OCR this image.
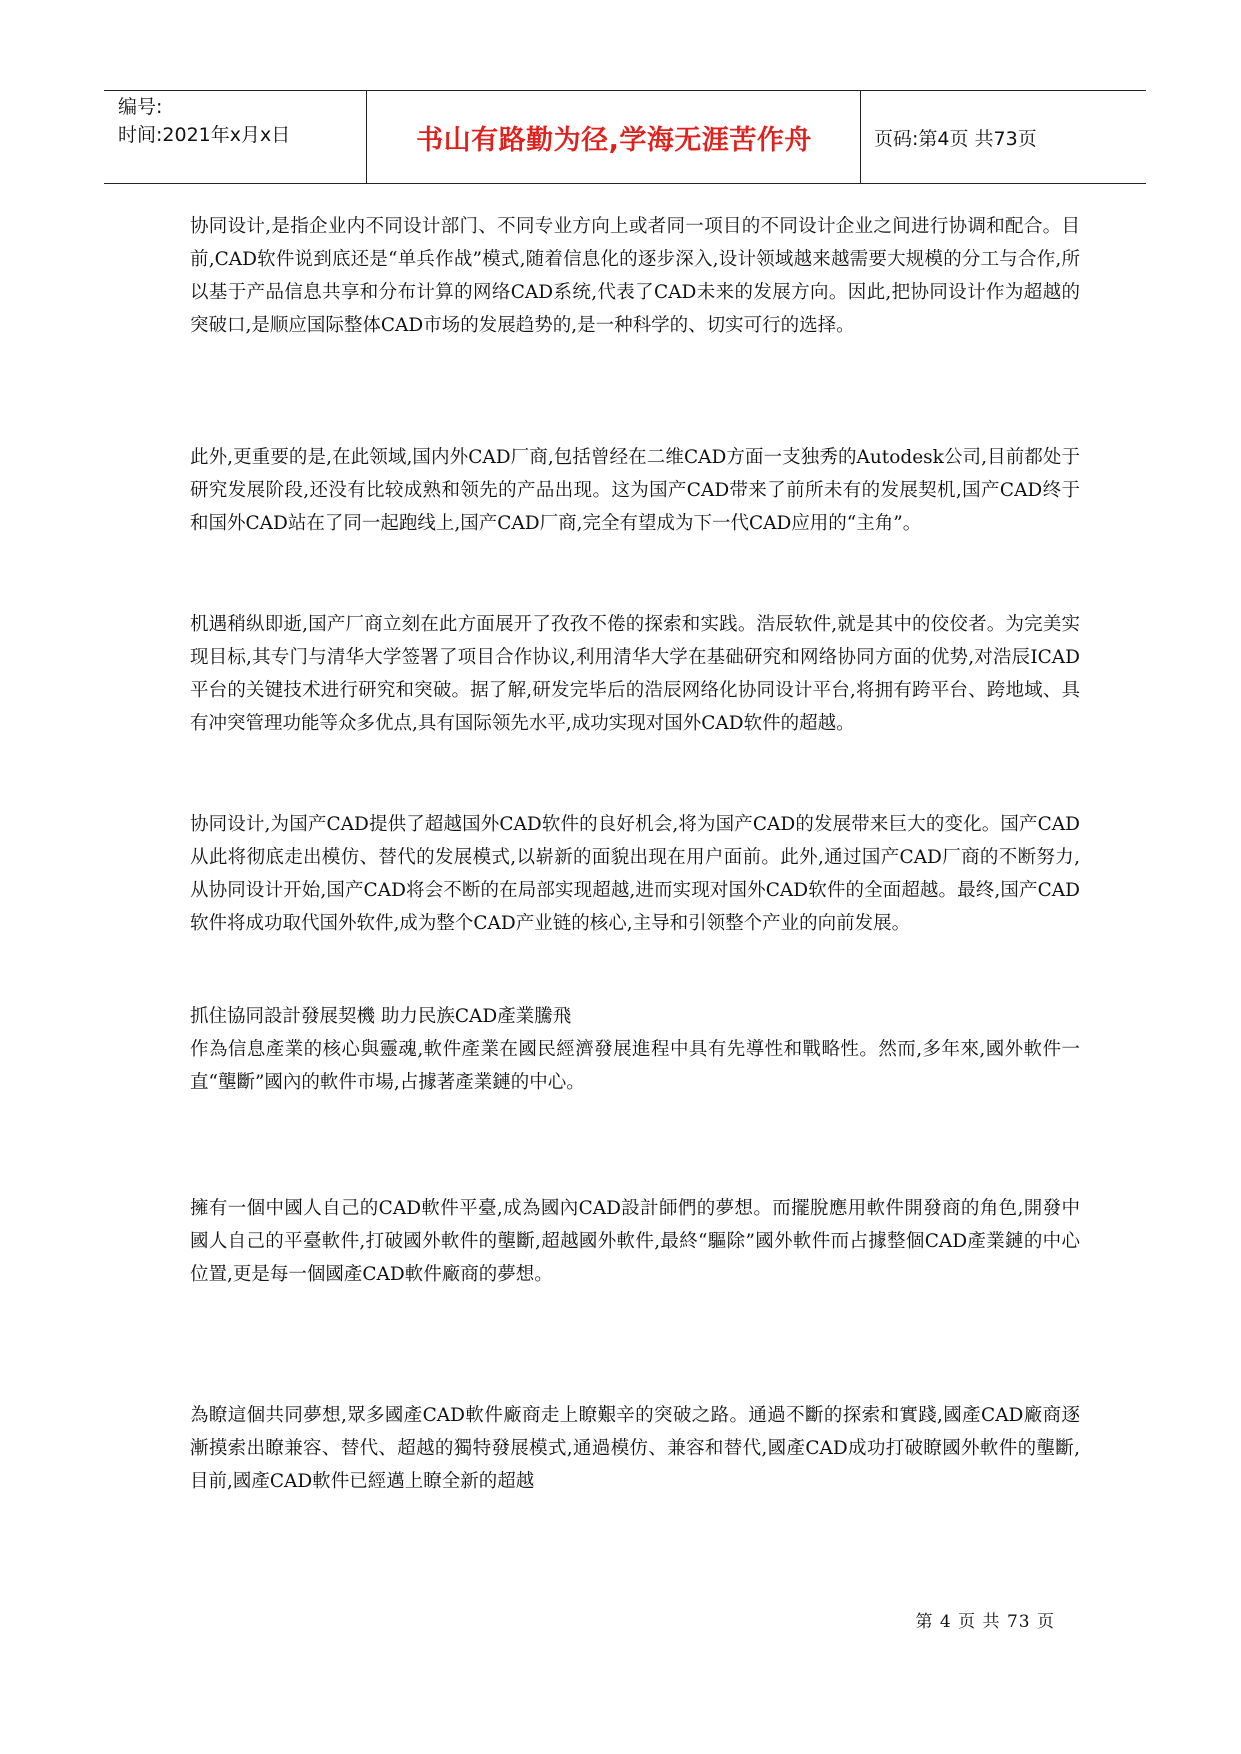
编号:
时间:2021年x月x日	书山有路勤为径,学海无涯苦作舟	页码:第4页 共73页

协同设计,是指企业内不同设计部门、不同专业方向上或者同一项目的不同设计企业之间进行协调和配合。目前,CAD软件说到底还是“单兵作战”模式,随着信息化的逐步深入,设计领域越来越需要大规模的分工与合作,所以基于产品信息共享和分布计算的网络CAD系统,代表了CAD未来的发展方向。因此,把协同设计作为超越的突破口,是顺应国际整体CAD市场的发展趋势的,是一种科学的、切实可行的选择。

此外,更重要的是,在此领域,国内外CAD厂商,包括曾经在二维CAD方面一支独秀的Autodesk公司,目前都处于研究发展阶段,还没有比较成熟和领先的产品出现。这为国产CAD带来了前所未有的发展契机,国产CAD终于和国外CAD站在了同一起跑线上,国产CAD厂商,完全有望成为下一代CAD应用的“主角”。

机遇稍纵即逝,国产厂商立刻在此方面展开了孜孜不倦的探索和实践。浩辰软件,就是其中的佼佼者。为完美实现目标,其专门与清华大学签署了项目合作协议,利用清华大学在基础研究和网络协同方面的优势,对浩辰ICAD平台的关键技术进行研究和突破。据了解,研发完毕后的浩辰网络化协同设计平台,将拥有跨平台、跨地域、具有冲突管理功能等众多优点,具有国际领先水平,成功实现对国外CAD软件的超越。

协同设计,为国产CAD提供了超越国外CAD软件的良好机会,将为国产CAD的发展带来巨大的变化。国产CAD从此将彻底走出模仿、替代的发展模式,以崭新的面貌出现在用户面前。此外,通过国产CAD厂商的不断努力,从协同设计开始,国产CAD将会不断的在局部实现超越,进而实现对国外CAD软件的全面超越。最终,国产CAD软件将成功取代国外软件,成为整个CAD产业链的核心,主导和引领整个产业的向前发展。

抓住協同設計發展契機 助力民族CAD產業騰飛

作為信息產業的核心與靈魂,軟件產業在國民經濟發展進程中具有先導性和戰略性。然而,多年來,國外軟件一直“壟斷”國內的軟件市場,占據著產業鏈的中心。

擁有一個中國人自己的CAD軟件平臺,成為國內CAD設計師們的夢想。而擺脫應用軟件開發商的角色,開發中國人自己的平臺軟件,打破國外軟件的壟斷,超越國外軟件,最終“驅除”國外軟件而占據整個CAD產業鏈的中心位置,更是每一個國產CAD軟件廠商的夢想。

為瞭這個共同夢想,眾多國產CAD軟件廠商走上瞭艱辛的突破之路。通過不斷的探索和實踐,國產CAD廠商逐漸摸索出瞭兼容、替代、超越的獨特發展模式,通過模仿、兼容和替代,國產CAD成功打破瞭國外軟件的壟斷,目前,國產CAD軟件已經邁上瞭全新的超越

第 4 页 共 73 页
